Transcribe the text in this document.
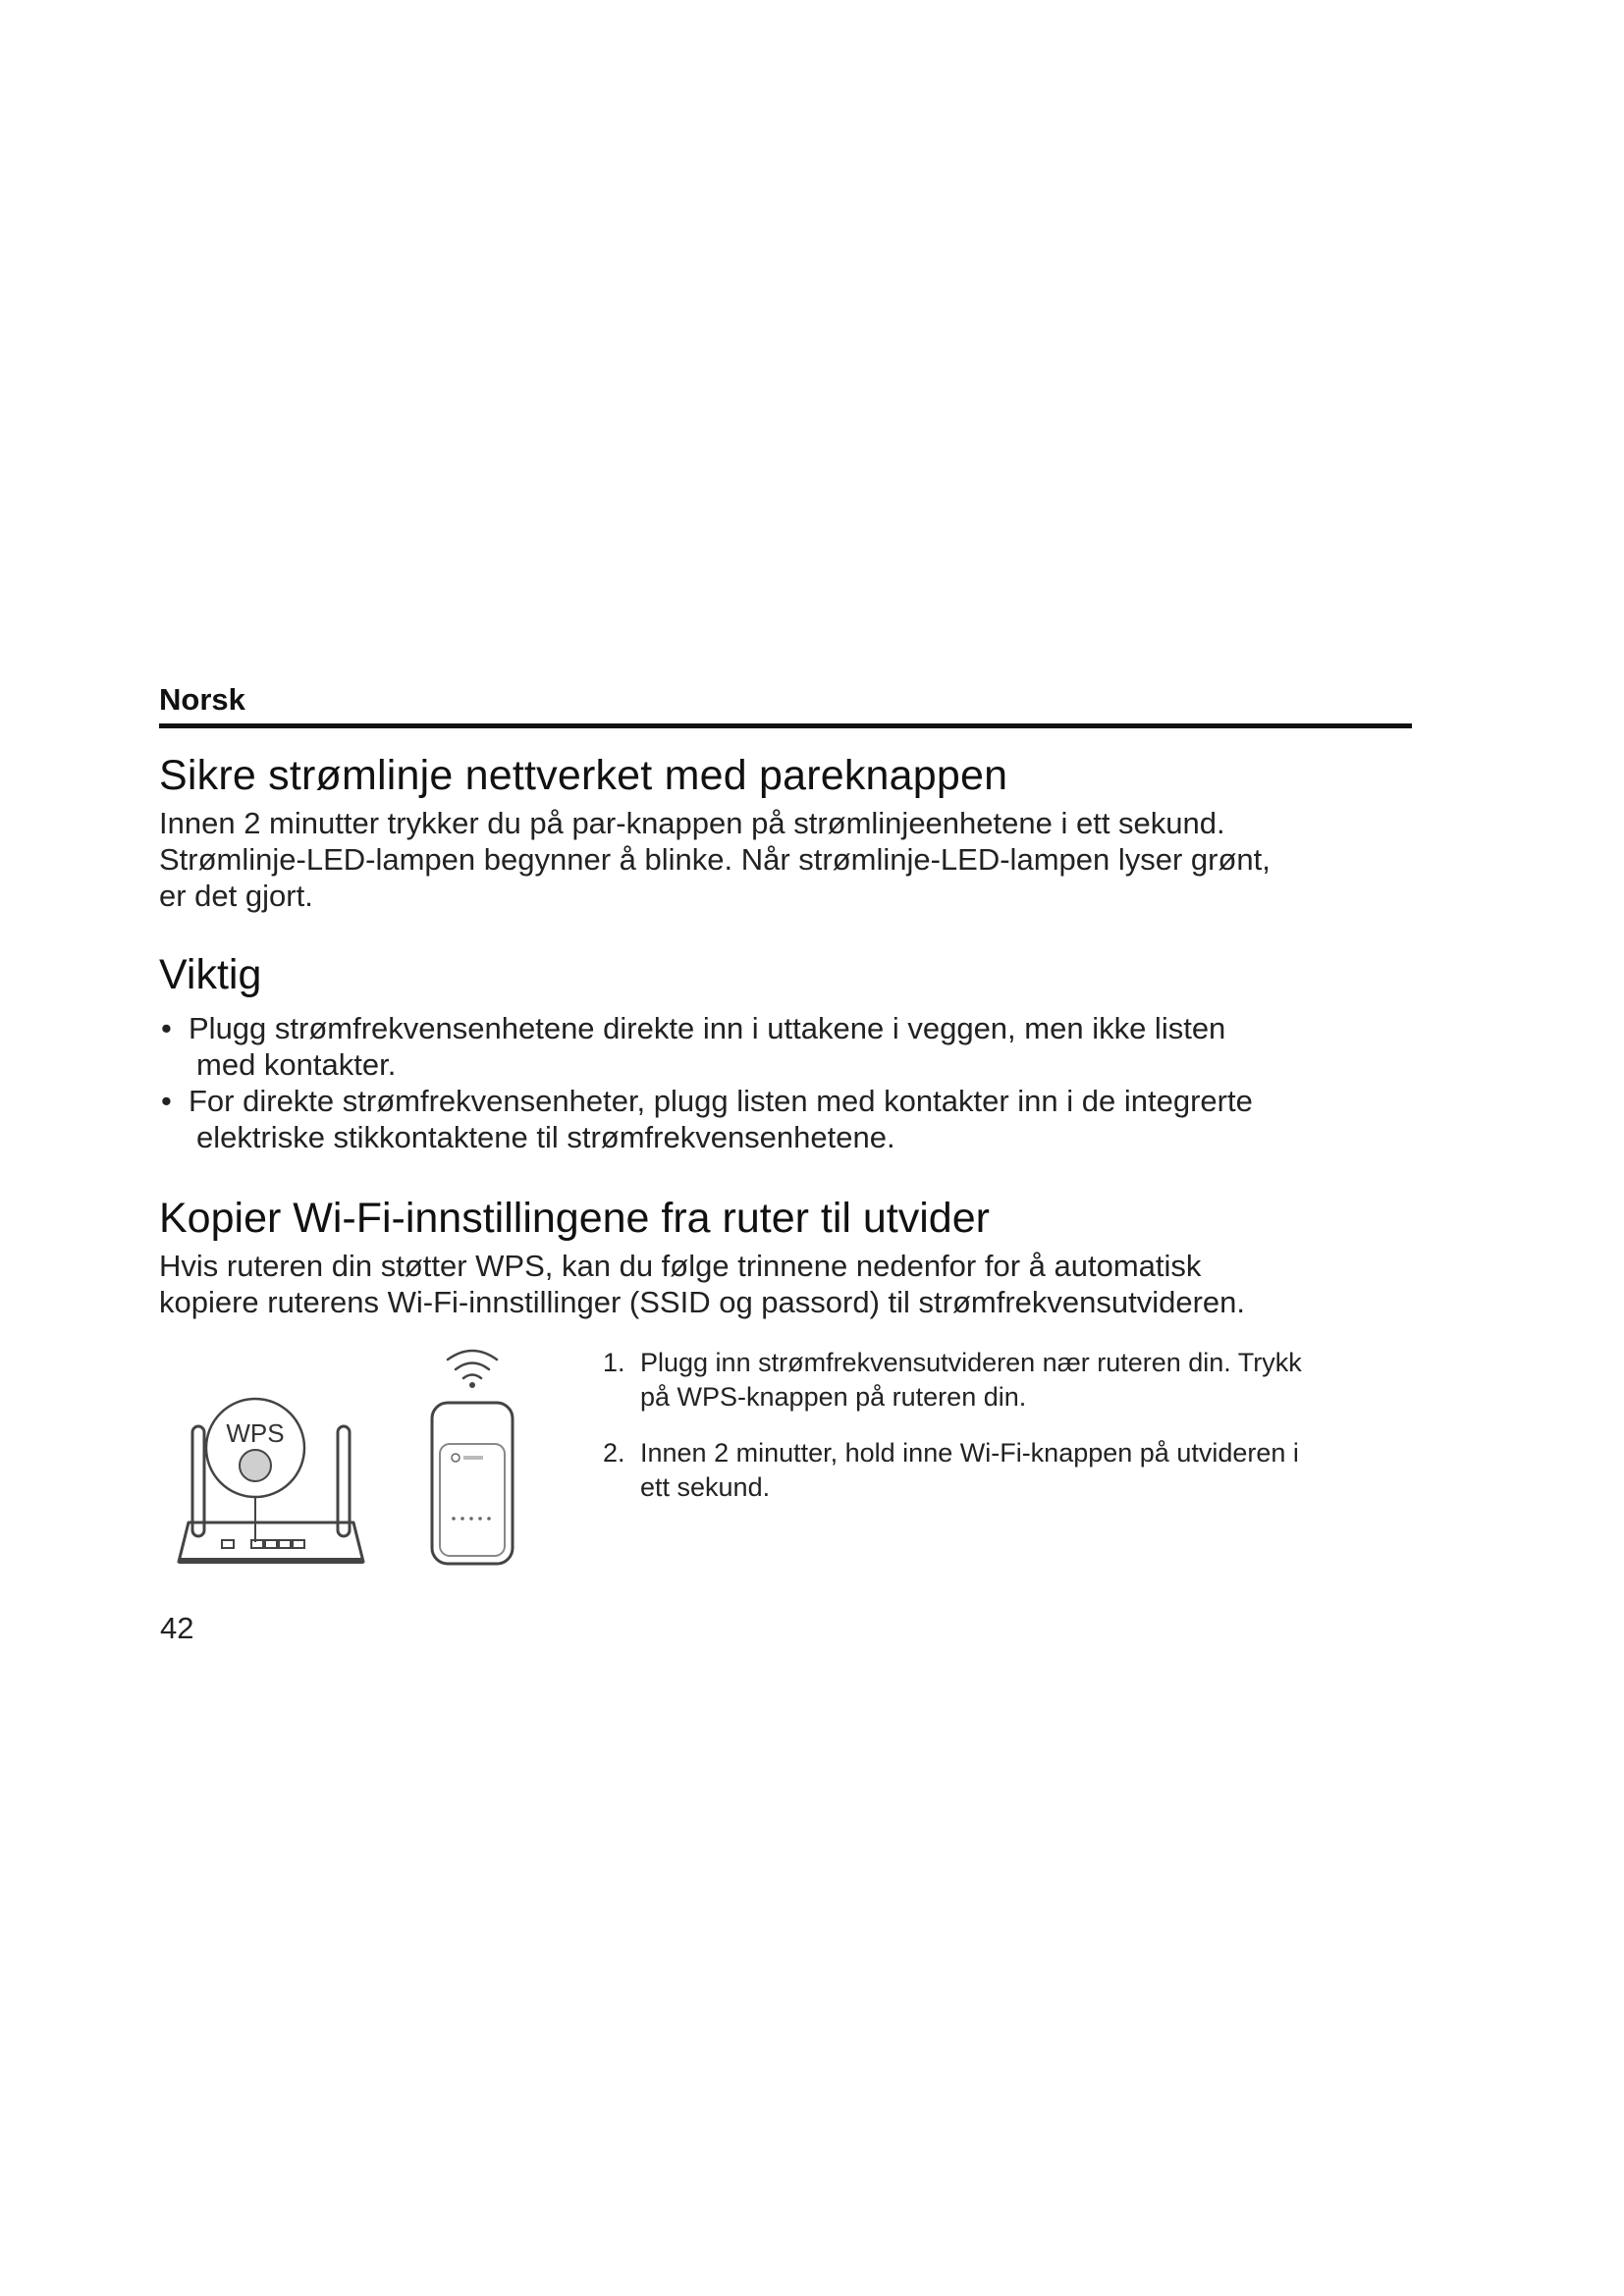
Norsk
Sikre strømlinje nettverket med pareknappen

Innen 2 minutter trykker du på par-knappen på strømlinjeenhetene i ett sekund.
Strømlinje-LED-lampen begynner å blinke. Når strømlinje-LED-lampen lyser grønt,
er det gjort.

Viktig
• Plugg strømfrekvensenhetene direkte inn i uttakene i veggen, men ikke listen
med kontakter.
• For direkte strømfrekvensenheter, plugg listen med kontakter inn i de integrerte
elektriske stikkontaktene til strømfrekvensenhetene.
Kopier Wi-Fi-innstillingene fra ruter til utvider

Hvis ruteren din støtter WPS, kan du følge trinnene nedenfor for å automatisk
kopiere ruterens Wi-Fi-innstillinger (SSID og passord) til strømfrekvensutvideren.

WPS
1. Plugg inn strømfrekvensutvideren nær ruteren din. Trykk
på WPS-knappen på ruteren din.
2. Innen 2 minutter, hold inne Wi-Fi-knappen på utvideren i
ett sekund.
42
